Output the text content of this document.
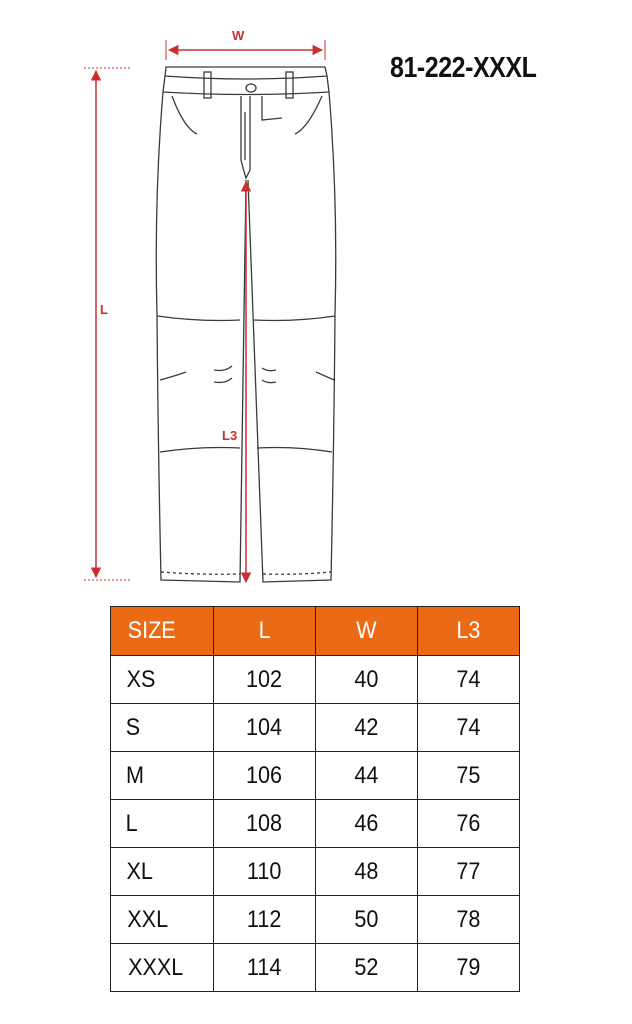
W
L
L3
81-222-XXXL
SIZE	L	W	L3
XS	102	40	74
S	104	42	74
M	106	44	75
L	108	46	76
XL	110	48	77
XXL	112	50	78
XXXL	114	52	79
